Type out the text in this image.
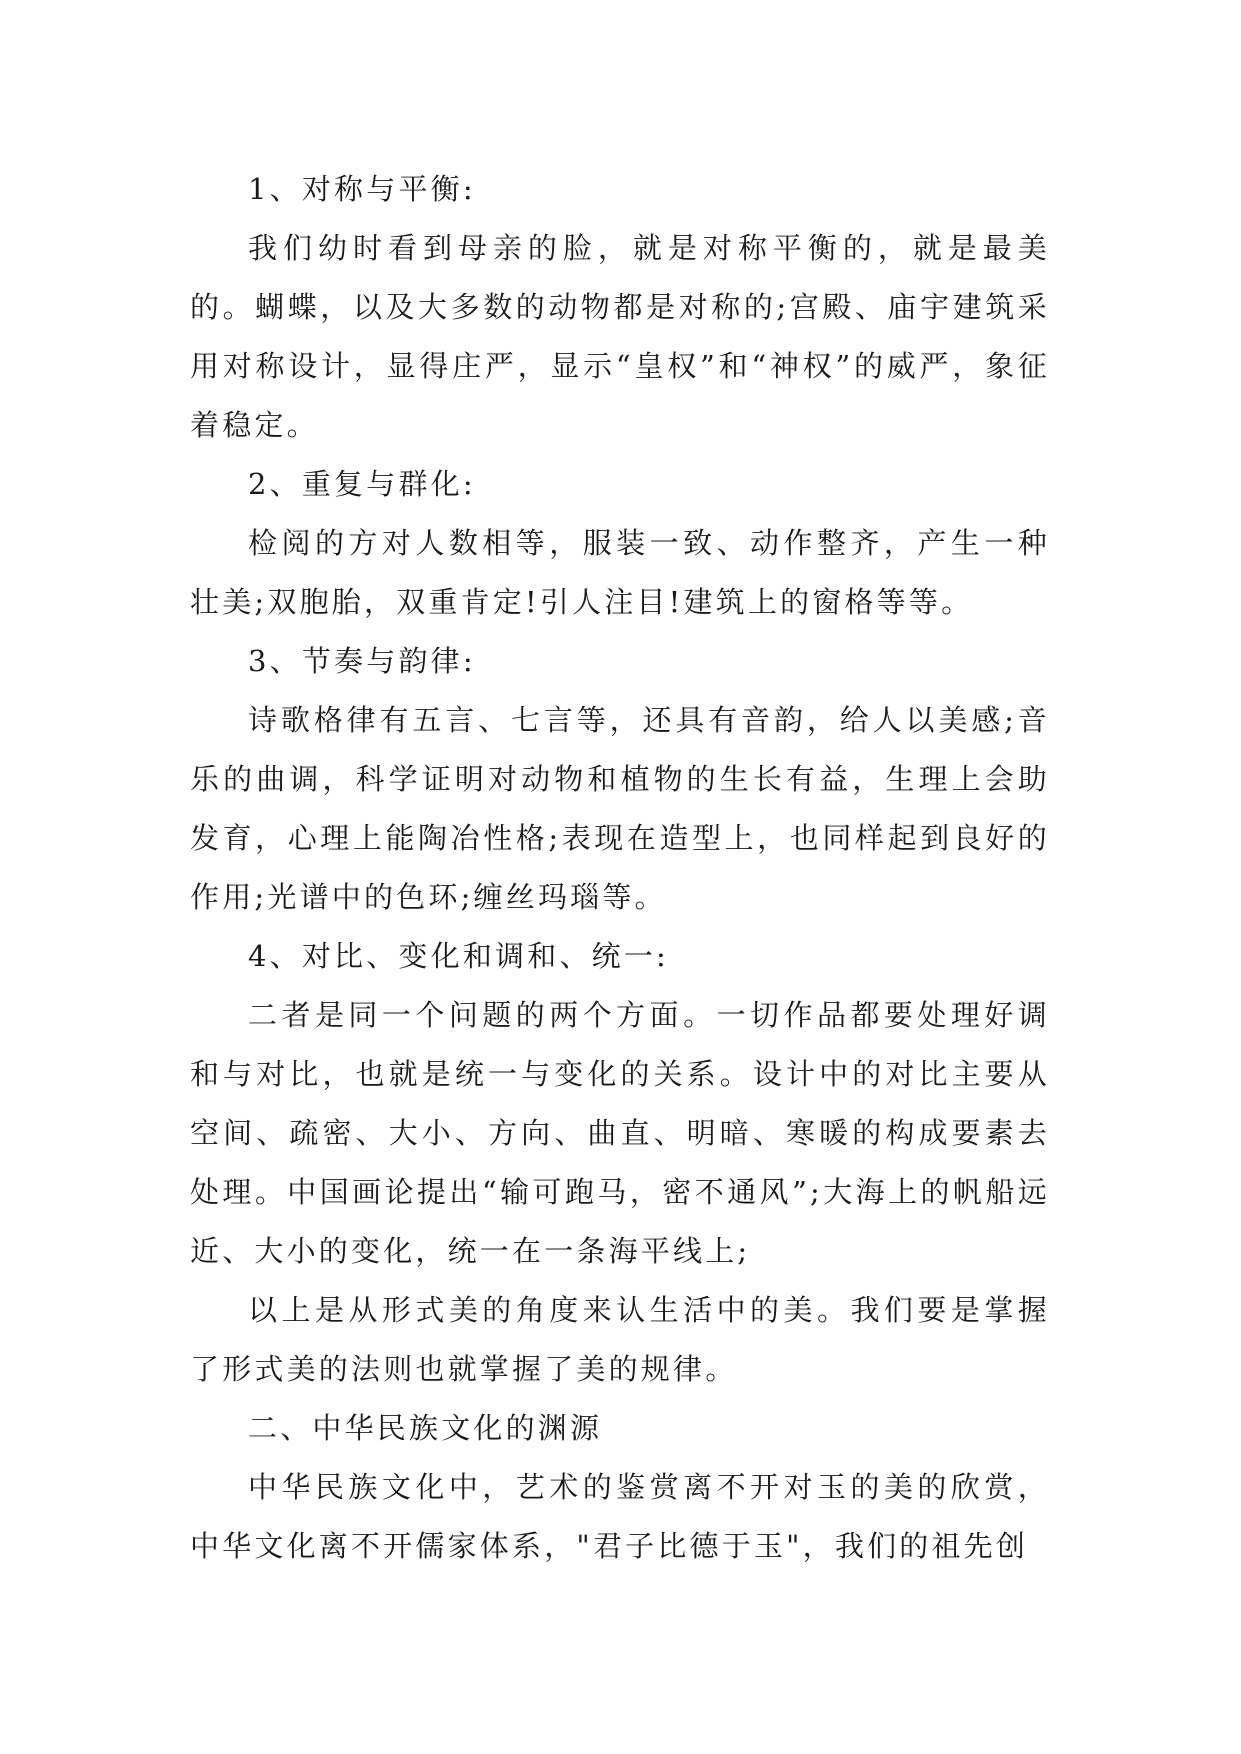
1、对称与平衡:

我们幼时看到母亲的脸，就是对称平衡的，就是最美的。蝴蝶，以及大多数的动物都是对称的;宫殿、庙宇建筑采用对称设计，显得庄严，显示“皇权”和“神权”的威严，象征着稳定。

2、重复与群化:

检阅的方对人数相等，服装一致、动作整齐，产生一种壮美;双胞胎，双重肯定!引人注目!建筑上的窗格等等。

3、节奏与韵律:

诗歌格律有五言、七言等，还具有音韵，给人以美感;音乐的曲调，科学证明对动物和植物的生长有益，生理上会助发育，心理上能陶冶性格;表现在造型上，也同样起到良好的作用;光谱中的色环;缠丝玛瑙等。

4、对比、变化和调和、统一:

二者是同一个问题的两个方面。一切作品都要处理好调和与对比，也就是统一与变化的关系。设计中的对比主要从空间、疏密、大小、方向、曲直、明暗、寒暖的构成要素去处理。中国画论提出“输可跑马，密不通风”;大海上的帆船远近、大小的变化，统一在一条海平线上;

以上是从形式美的角度来认生活中的美。我们要是掌握了形式美的法则也就掌握了美的规律。

二、中华民族文化的渊源

中华民族文化中，艺术的鉴赏离不开对玉的美的欣赏，中华文化离不开儒家体系，"君子比德于玉"，我们的祖先创
